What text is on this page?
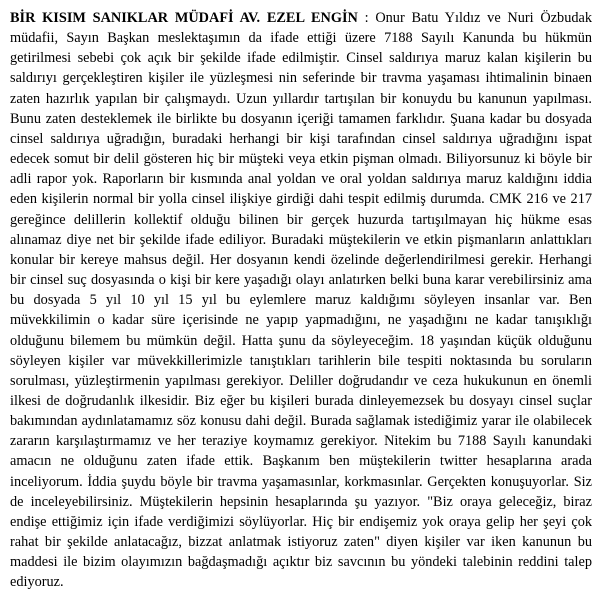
BİR KISIM SANIKLAR MÜDAFİ AV. EZEL ENGİN : Onur Batu Yıldız ve Nuri Özbudak müdafii, Sayın Başkan meslektaşımın da ifade ettiği üzere 7188 Sayılı Kanunda bu hükmün getirilmesi sebebi çok açık bir şekilde ifade edilmiştir. Cinsel saldırıya maruz kalan kişilerin bu saldırıyı gerçekleştiren kişiler ile yüzleşmesi nin seferinde bir travma yaşaması ihtimalinin binaen zaten hazırlık yapılan bir çalışmaydı. Uzun yıllardır tartışılan bir konuydu bu kanunun yapılması. Bunu zaten desteklemek ile birlikte bu dosyanın içeriği tamamen farklıdır. Şuana kadar bu dosyada cinsel saldırıya uğradığın, buradaki herhangi bir kişi tarafından cinsel saldırıya uğradığını ispat edecek somut bir delil gösteren hiç bir müşteki veya etkin pişman olmadı. Biliyorsunuz ki böyle bir adli rapor yok. Raporların bir kısmında anal yoldan ve oral yoldan saldırıya maruz kaldığını iddia eden kişilerin normal bir yolla cinsel ilişkiye girdiği dahi tespit edilmiş durumda. CMK 216 ve 217 gereğince delillerin kollektif olduğu bilinen bir gerçek huzurda tartışılmayan hiç hükme esas alınamaz diye net bir şekilde ifade ediliyor. Buradaki müştekilerin ve etkin pişmanların anlattıkları konular bir kereye mahsus değil. Her dosyanın kendi özelinde değerlendirilmesi gerekir. Herhangi bir cinsel suç dosyasında o kişi bir kere yaşadığı olayı anlatırken belki buna karar verebilirsiniz ama bu dosyada 5 yıl 10 yıl 15 yıl bu eylemlere maruz kaldığımı söyleyen insanlar var. Ben müvekkilimin o kadar süre içerisinde ne yapıp yapmadığını, ne yaşadığını ne kadar tanışıklığı olduğunu bilemem bu mümkün değil. Hatta şunu da söyleyeceğim. 18 yaşından küçük olduğunu söyleyen kişiler var müvekkillerimizle tanıştıkları tarihlerin bile tespiti noktasında bu soruların sorulması, yüzleştirmenin yapılması gerekiyor. Deliller doğrudandır ve ceza hukukunun en önemli ilkesi de doğrudanlık ilkesidir. Biz eğer bu kişileri burada dinleyemezsek bu dosyayı cinsel suçlar bakımından aydınlatamamız söz konusu dahi değil. Burada sağlamak istediğimiz yarar ile olabilecek zararın karşılaştırmamız ve her teraziye koymamız gerekiyor. Nitekim bu 7188 Sayılı kanundaki amacın ne olduğunu zaten ifade ettik. Başkanım ben müştekilerin twitter hesaplarına arada inceliyorum. İddia şuydu böyle bir travma yaşamasınlar, korkmasınlar. Gerçekten konuşuyorlar. Siz de inceleyebilirsiniz. Müştekilerin hepsinin hesaplarında şu yazıyor. "Biz oraya geleceğiz, biraz endişe ettiğimiz için ifade verdiğimizi söylüyorlar. Hiç bir endişemiz yok oraya gelip her şeyi çok rahat bir şekilde anlatacağız, bizzat anlatmak istiyoruz zaten" diyen kişiler var iken kanunun bu maddesi ile bizim olayımızın bağdaşmadığı açıktır biz savcının bu yöndeki talebinin reddini talep ediyoruz.
